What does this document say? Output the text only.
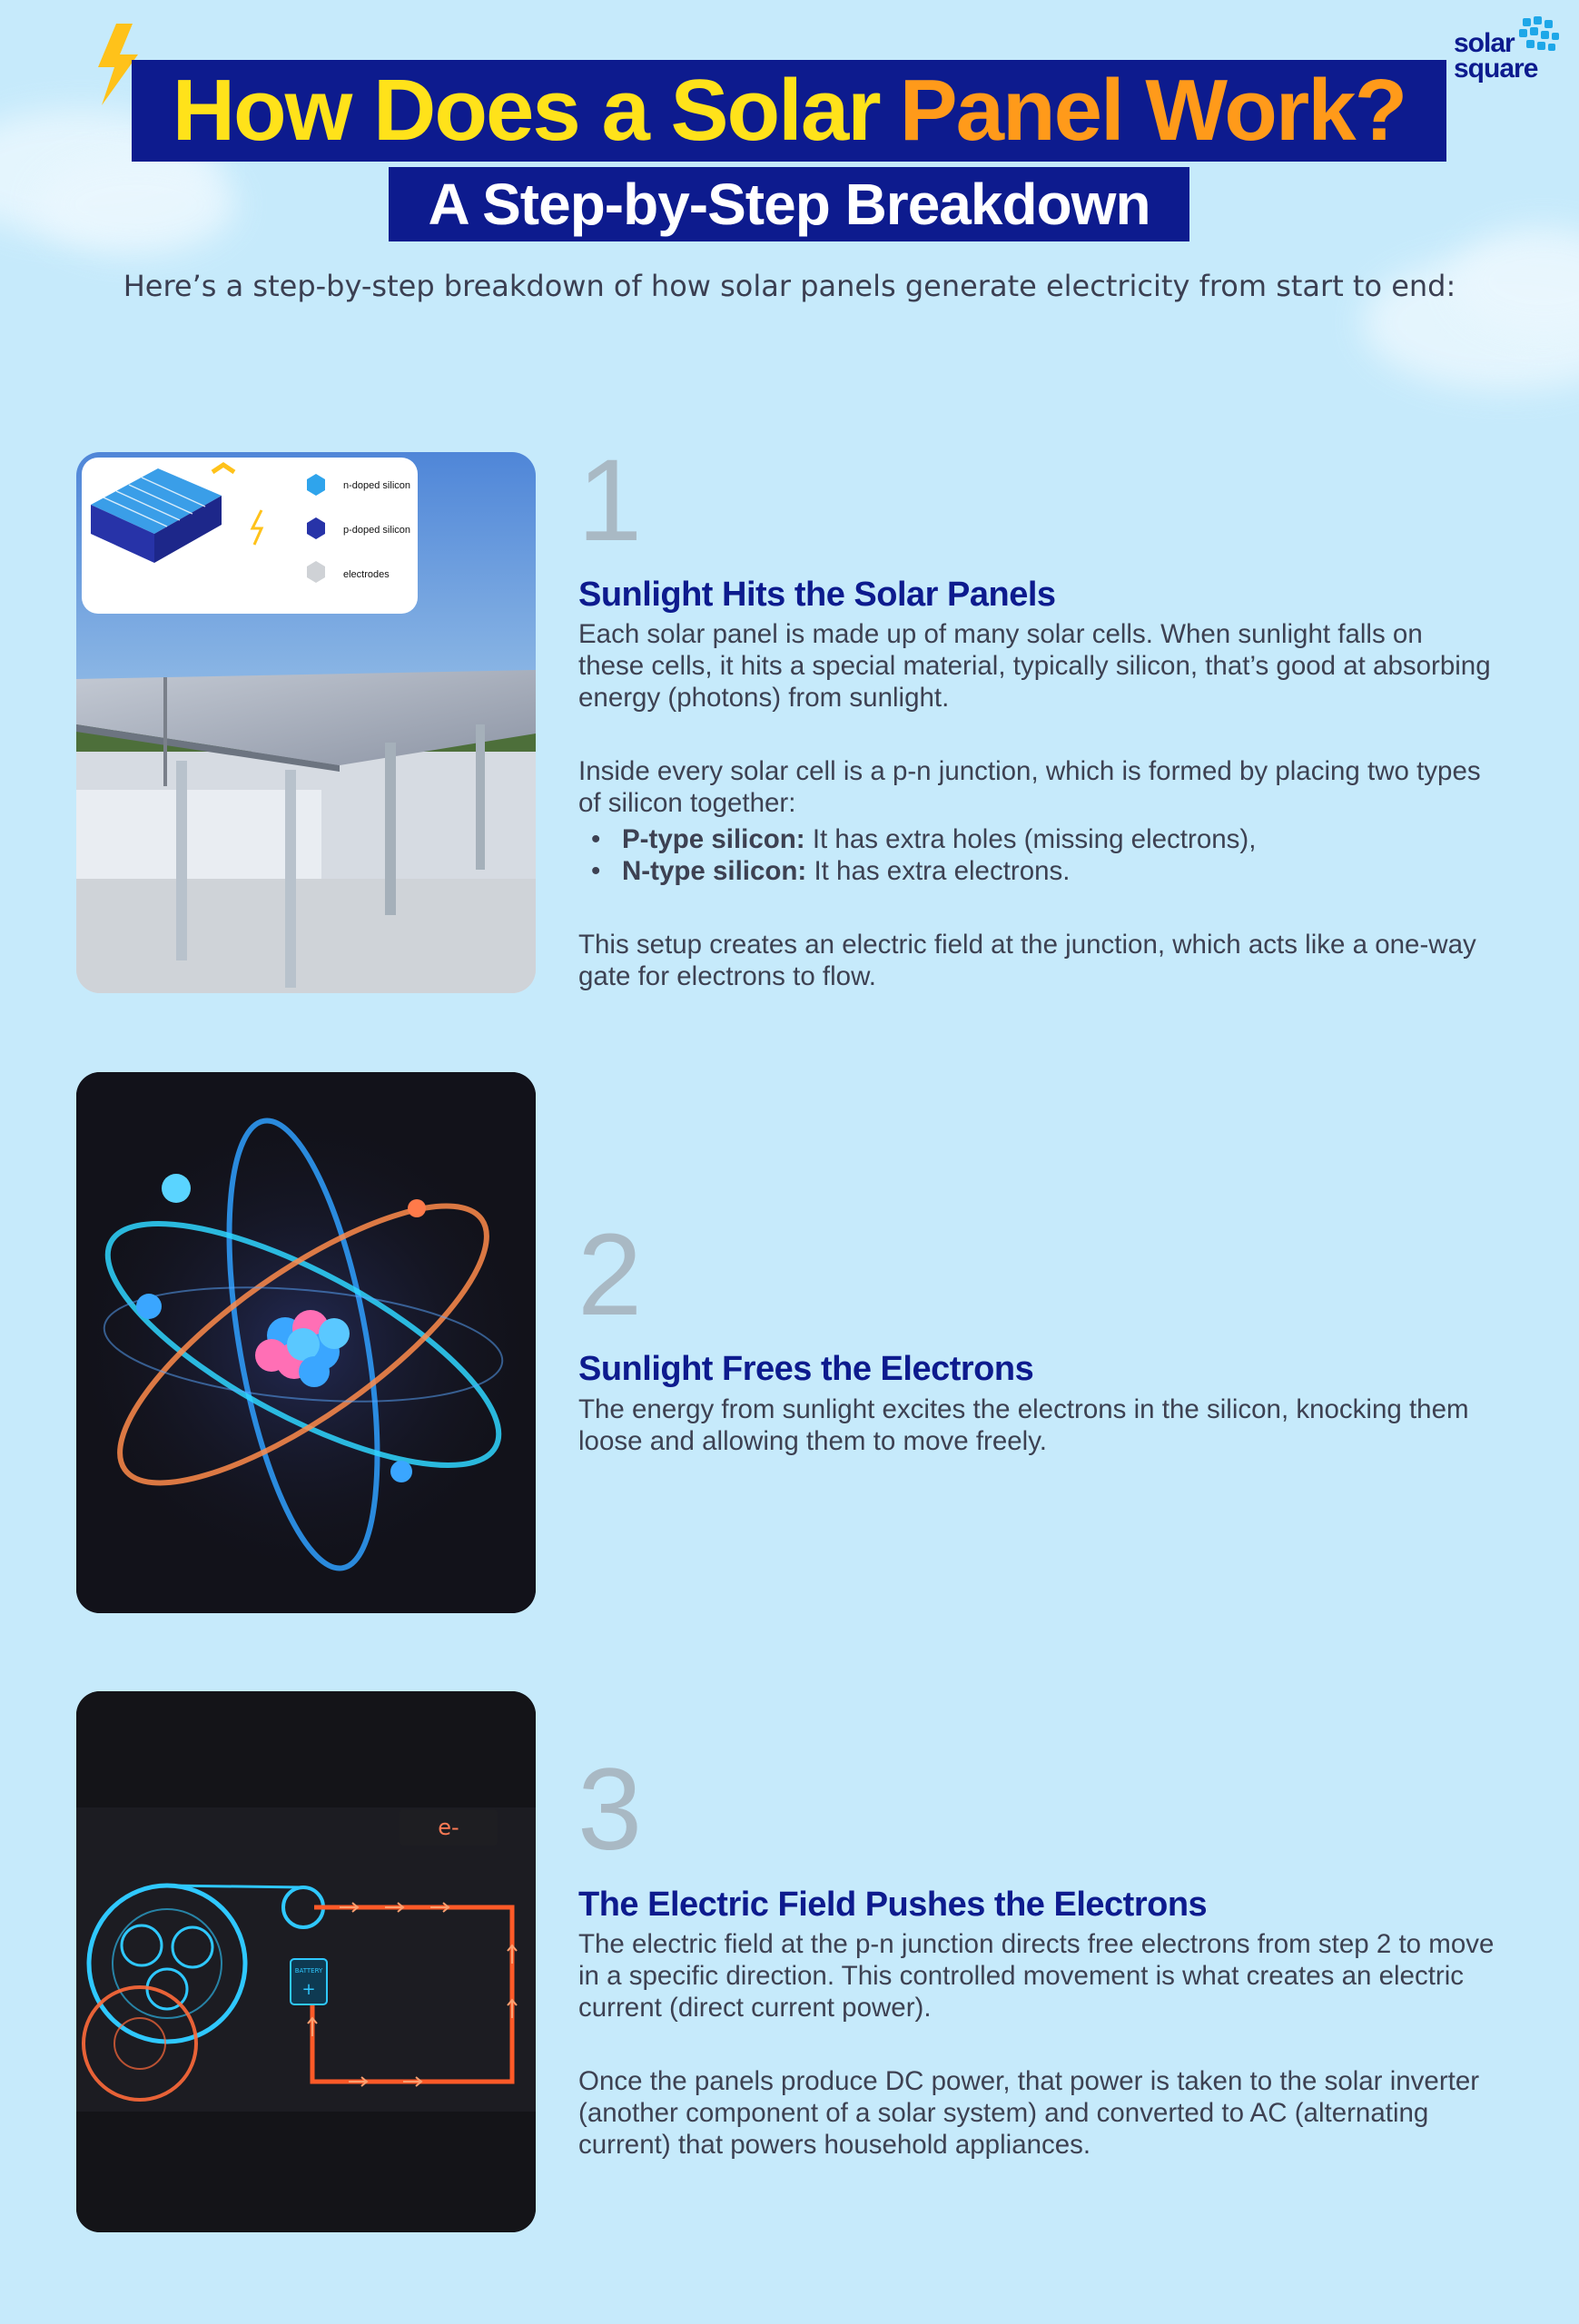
solar
square
How Does a Solar Panel Work?
A Step-by-Step Breakdown
Here’s a step-by-step breakdown of how solar panels generate electricity from start to end:
n-doped silicon
p-doped silicon
electrodes
1
Sunlight Hits the Solar Panels

Each solar panel is made up of many solar cells. When sunlight falls on these cells, it hits a special material, typically silicon, that’s good at absorbing energy (photons) from sunlight.

Inside every solar cell is a p-n junction, which is formed by placing two types of silicon together:

• P-type silicon: It has extra holes (missing electrons),
• N-type silicon: It has extra electrons.

This setup creates an electric field at the junction, which acts like a one-way gate for electrons to flow.

2
Sunlight Frees the Electrons

The energy from sunlight excites the electrons in the silicon, knocking them loose and allowing them to move freely.

BATTERY
+
e-	3
The Electric Field Pushes the Electrons

The electric field at the p-n junction directs free electrons from step 2 to move in a specific direction. This controlled movement is what creates an electric current (direct current power).

Once the panels produce DC power, that power is taken to the solar inverter (another component of a solar system) and converted to AC (alternating current) that powers household appliances.
